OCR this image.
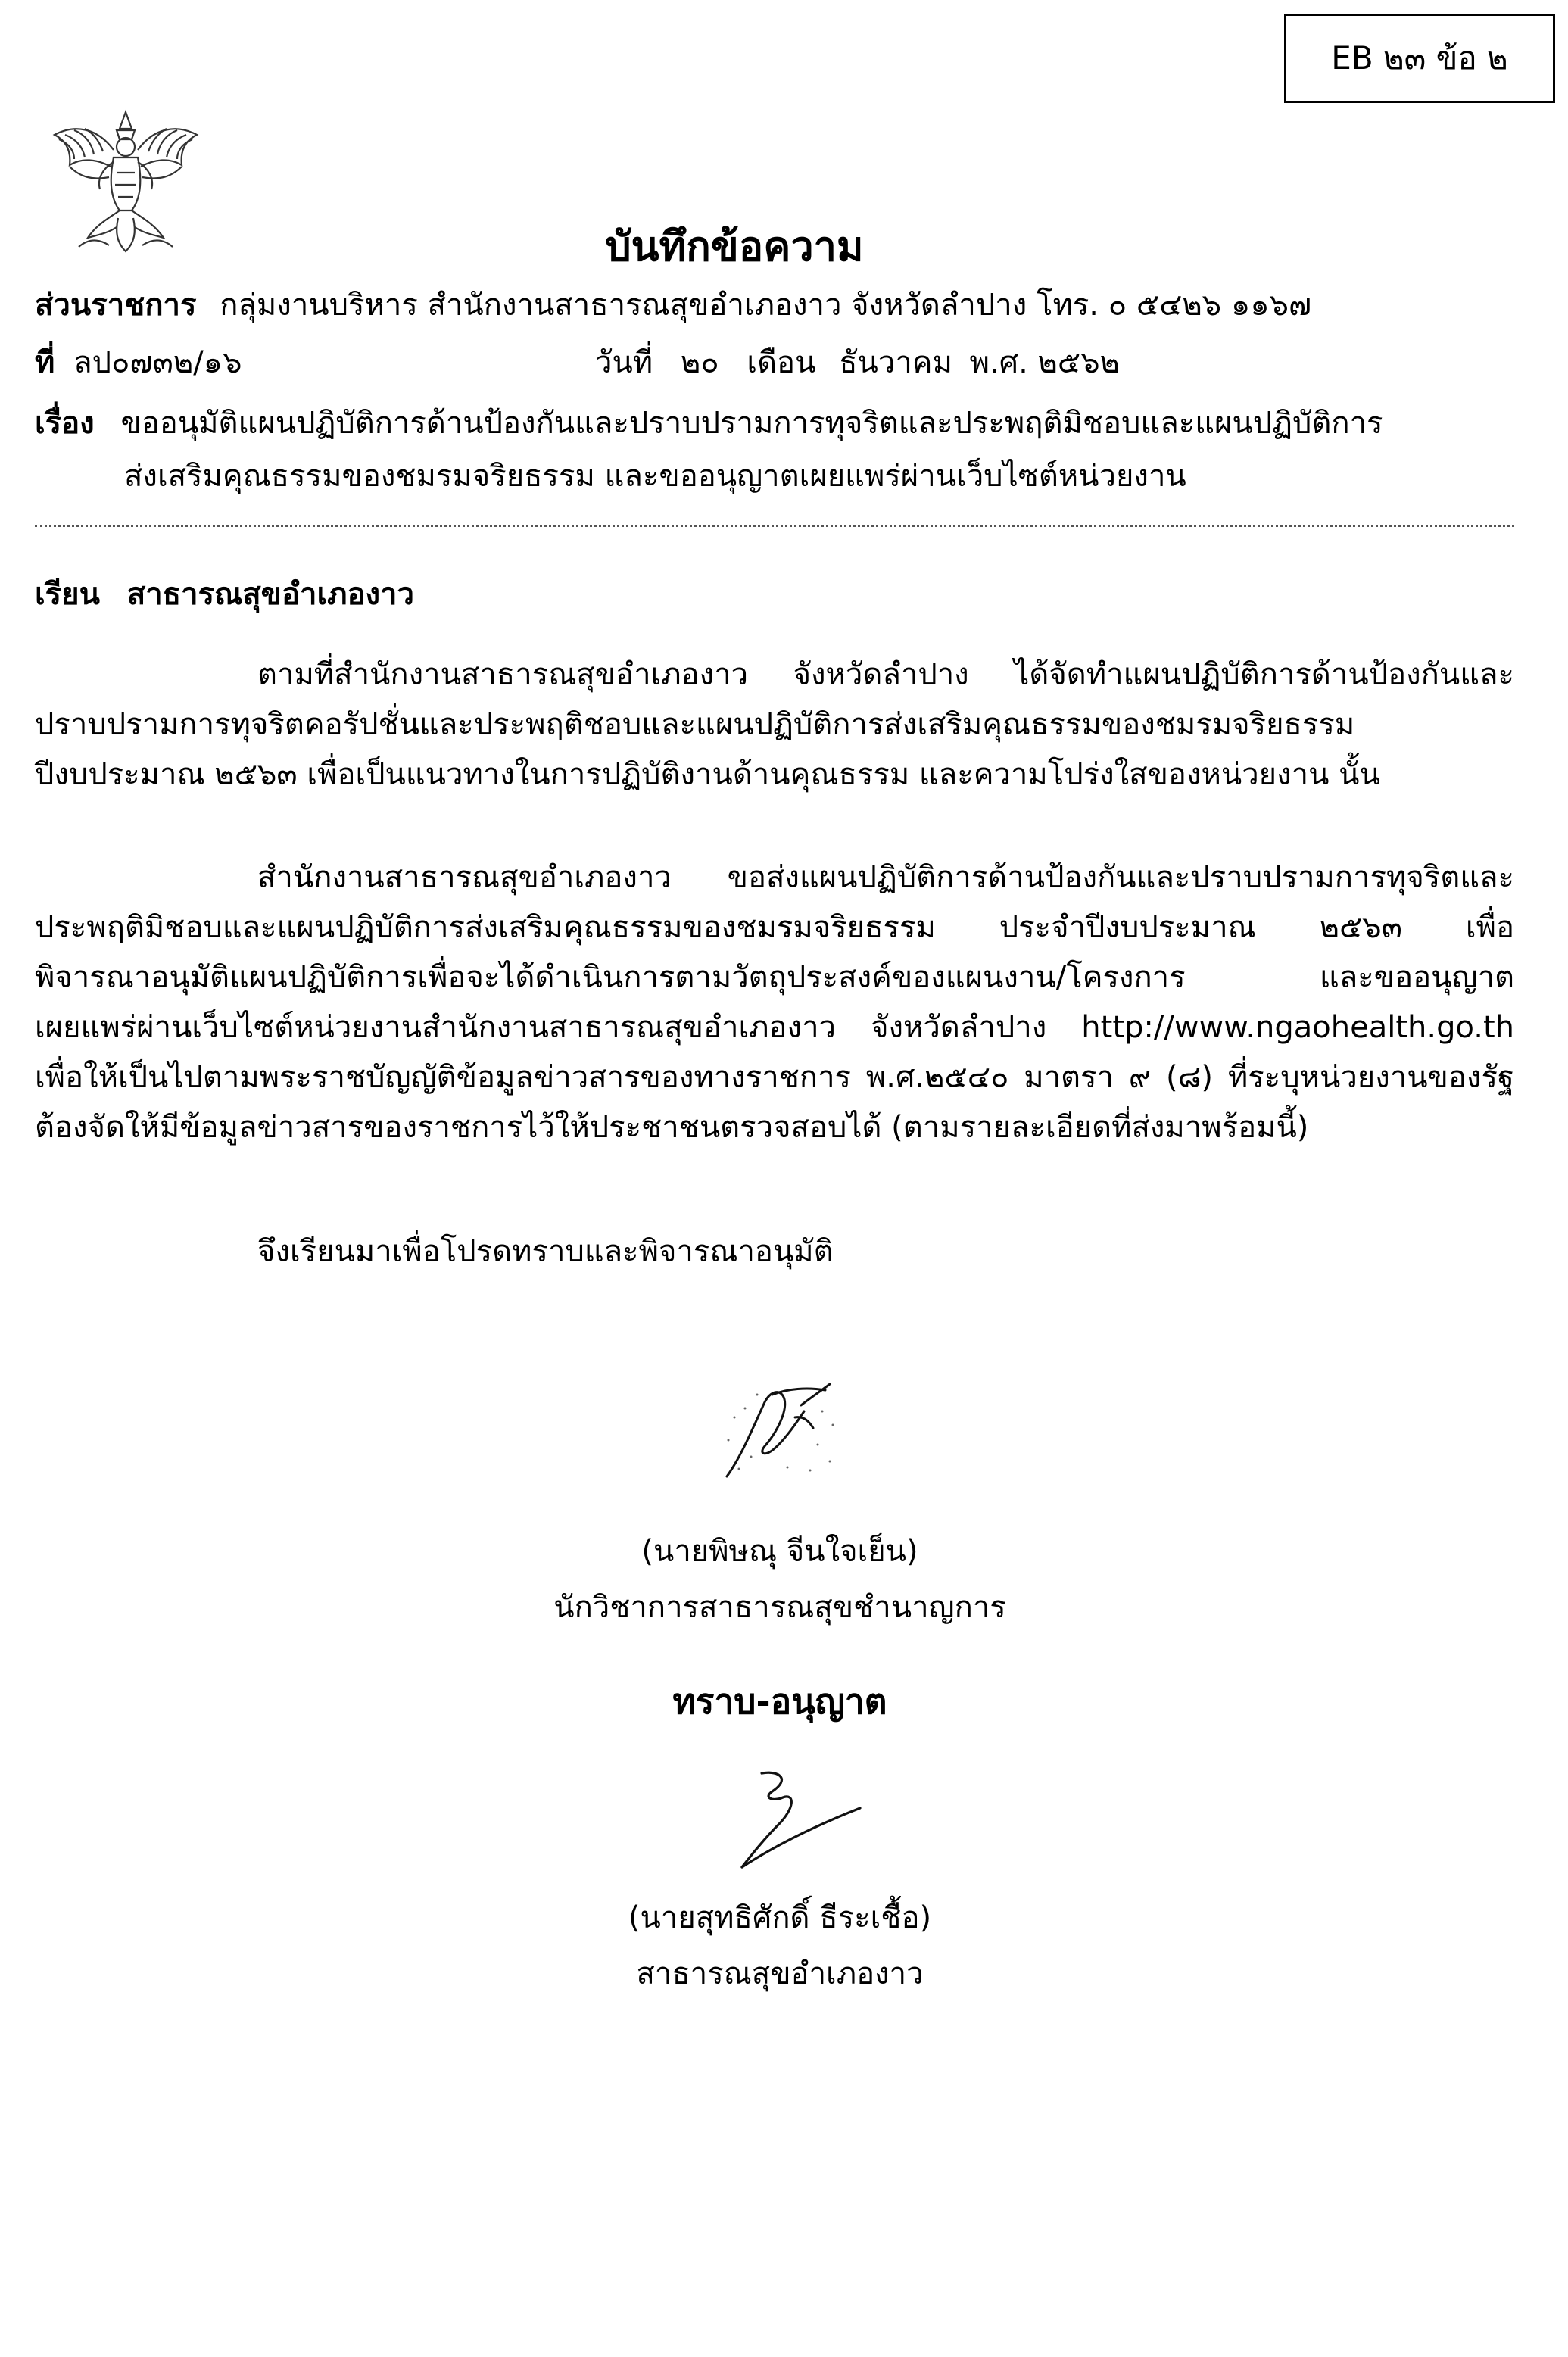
EB ๒๓ ข้อ ๒
บันทึกข้อความ
ส่วนราชการ กลุ่มงานบริหาร สำนักงานสาธารณสุขอำเภองาว จังหวัดลำปาง โทร. ๐ ๕๔๒๖ ๑๑๖๗
ที่ ลป๐๗๓๒/๑๖	วันที่ ๒๐ เดือน ธันวาคม พ.ศ. ๒๕๖๒
เรื่อง ขออนุมัติแผนปฏิบัติการด้านป้องกันและปราบปรามการทุจริตและประพฤติมิชอบและแผนปฏิบัติการ
ส่งเสริมคุณธรรมของชมรมจริยธรรม และขออนุญาตเผยแพร่ผ่านเว็บไซต์หน่วยงาน
เรียน สาธารณสุขอำเภองาว
ตามที่สำนักงานสาธารณสุขอำเภองาว จังหวัดลำปาง ได้จัดทำแผนปฏิบัติการด้านป้องกันและ
ปราบปรามการทุจริตคอรัปชั่นและประพฤติชอบและแผนปฏิบัติการส่งเสริมคุณธรรมของชมรมจริยธรรม
ปีงบประมาณ ๒๕๖๓ เพื่อเป็นแนวทางในการปฏิบัติงานด้านคุณธรรม และความโปร่งใสของหน่วยงาน นั้น
สำนักงานสาธารณสุขอำเภองาว ขอส่งแผนปฏิบัติการด้านป้องกันและปราบปรามการทุจริตและ
ประพฤติมิชอบและแผนปฏิบัติการส่งเสริมคุณธรรมของชมรมจริยธรรม ประจำปีงบประมาณ ๒๕๖๓ เพื่อ
พิจารณาอนุมัติแผนปฏิบัติการเพื่อจะได้ดำเนินการตามวัตถุประสงค์ของแผนงาน/โครงการ และขออนุญาต
เผยแพร่ผ่านเว็บไซต์หน่วยงานสำนักงานสาธารณสุขอำเภองาว จังหวัดลำปาง http://www.ngaohealth.go.th
เพื่อให้เป็นไปตามพระราชบัญญัติข้อมูลข่าวสารของทางราชการ พ.ศ.๒๕๔๐ มาตรา ๙ (๘) ที่ระบุหน่วยงานของรัฐ
ต้องจัดให้มีข้อมูลข่าวสารของราชการไว้ให้ประชาชนตรวจสอบได้ (ตามรายละเอียดที่ส่งมาพร้อมนี้)
จึงเรียนมาเพื่อโปรดทราบและพิจารณาอนุมัติ
(นายพิษณุ จีนใจเย็น)
นักวิชาการสาธารณสุขชำนาญการ
ทราบ-อนุญาต
(นายสุทธิศักดิ์ ธีระเชื้อ)
สาธารณสุขอำเภองาว
